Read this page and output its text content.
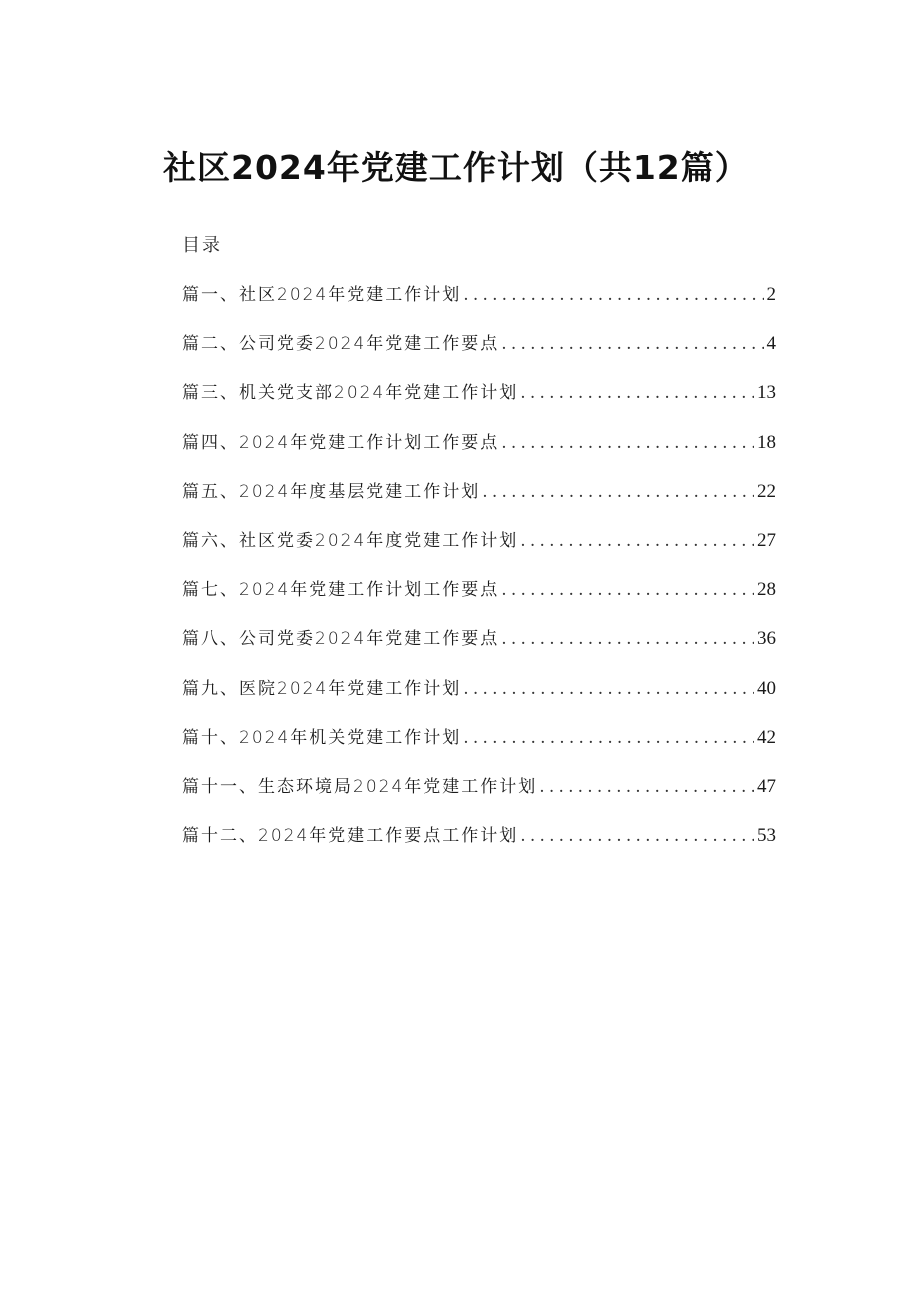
社区2024年党建工作计划（共12篇）
目录
篇一、社区2024年党建工作计划 .....	2
篇二、公司党委2024年党建工作要点 .....	4
篇三、机关党支部2024年党建工作计划 .....	13
篇四、2024年党建工作计划工作要点 .....	18
篇五、2024年度基层党建工作计划 .....	22
篇六、社区党委2024年度党建工作计划 .....	27
篇七、2024年党建工作计划工作要点 .....	28
篇八、公司党委2024年党建工作要点 .....	36
篇九、医院2024年党建工作计划 .....	40
篇十、2024年机关党建工作计划 .....	42
篇十一、生态环境局2024年党建工作计划 .....	47
篇十二、2024年党建工作要点工作计划 .....	53
